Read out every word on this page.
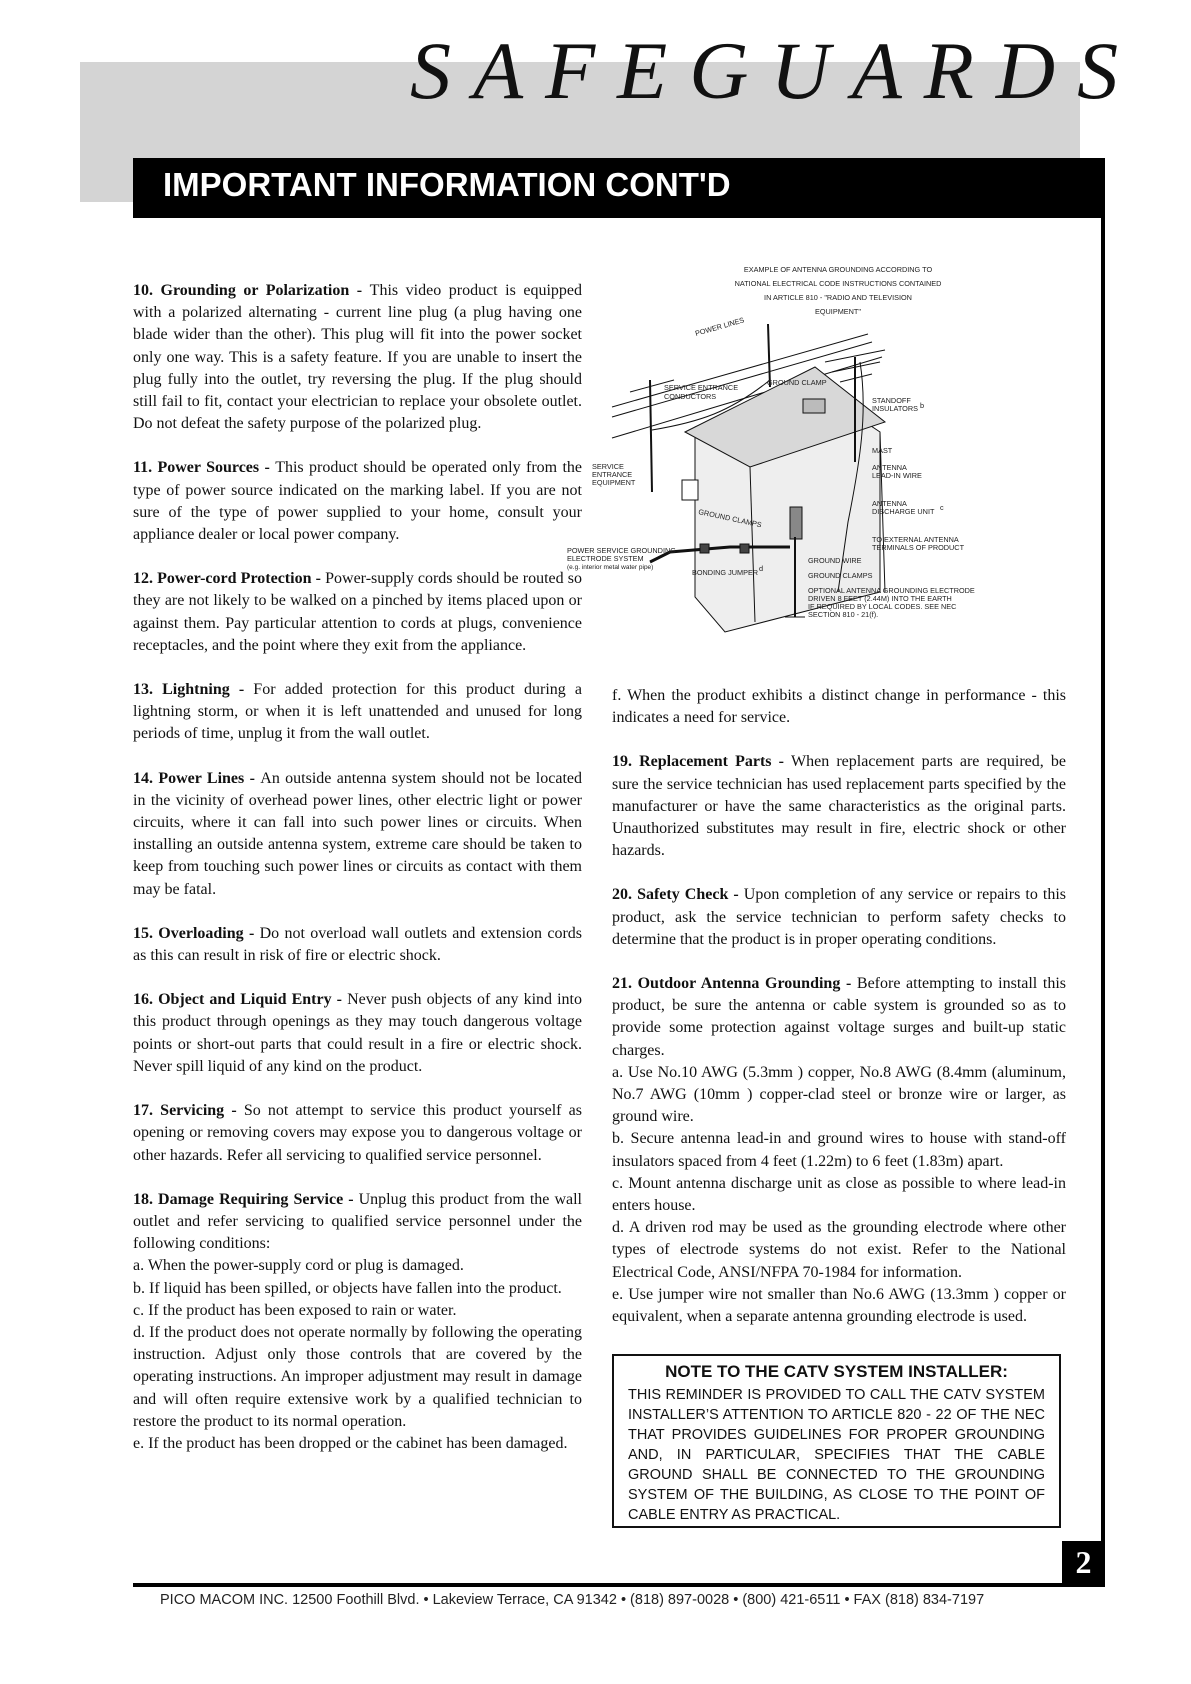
SAFEGUARDS
IMPORTANT INFORMATION CONT'D

10. Grounding or Polarization - This video product is equipped with a polarized alternating - current line plug (a plug having one blade wider than the other). This plug will fit into the power socket only one way. This is a safety feature. If you are unable to insert the plug fully into the outlet, try reversing the plug. If the plug should still fail to fit, contact your electrician to replace your obsolete outlet. Do not defeat the safety purpose of the polarized plug.

11. Power Sources - This product should be operated only from the type of power source indicated on the marking label. If you are not sure of the type of power supplied to your home, consult your appliance dealer or local power company.

12. Power-cord Protection - Power-supply cords should be routed so they are not likely to be walked on a pinched by items placed upon or against them. Pay particular attention to cords at plugs, convenience receptacles, and the point where they exit from the appliance.

13. Lightning - For added protection for this product during a lightning storm, or when it is left unattended and unused for long periods of time, unplug it from the wall outlet.

14. Power Lines - An outside antenna system should not be located in the vicinity of overhead power lines, other electric light or power circuits, where it can fall into such power lines or circuits. When installing an outside antenna system, extreme care should be taken to keep from touching such power lines or circuits as contact with them may be fatal.

15. Overloading - Do not overload wall outlets and extension cords as this can result in risk of fire or electric shock.

16. Object and Liquid Entry - Never push objects of any kind into this product through openings as they may touch dangerous voltage points or short-out parts that could result in a fire or electric shock. Never spill liquid of any kind on the product.

17. Servicing - So not attempt to service this product yourself as opening or removing covers may expose you to dangerous voltage or other hazards. Refer all servicing to qualified service personnel.

18. Damage Requiring Service - Unplug this product from the wall outlet and refer servicing to qualified service personnel under the following conditions:

a. When the power-supply cord or plug is damaged.

b. If liquid has been spilled, or objects have fallen into the product.

c. If the product has been exposed to rain or water.

d. If the product does not operate normally by following the operating instruction. Adjust only those controls that are covered by the operating instructions. An improper adjustment may result in damage and will often require extensive work by a qualified technician to restore the product to its normal operation.

e. If the product has been dropped or the cabinet has been damaged.

EXAMPLE OF ANTENNA GROUNDING ACCORDING TO
NATIONAL ELECTRICAL CODE INSTRUCTIONS CONTAINED
IN ARTICLE 810 - "RADIO AND TELEVISION
EQUIPMENT"
POWER LINES
SERVICE ENTRANCE
CONDUCTORS
GROUND CLAMP
STANDOFF
INSULATORS b
MAST
ANTENNA
LEAD-IN WIRE
SERVICE
ENTRANCE
EQUIPMENT
GROUND CLAMPS
ANTENNA
DISCHARGE UNIT c
TO EXTERNAL ANTENNA
TERMINALS OF PRODUCT
POWER SERVICE GROUNDING
ELECTRODE SYSTEM
(e.g. interior metal water pipe)
GROUND WIRE
BONDING JUMPER d
GROUND CLAMPS
OPTIONAL ANTENNA GROUNDING ELECTRODE
DRIVEN 8 FEET (2.44M) INTO THE EARTH
IF REQUIRED BY LOCAL CODES. SEE NEC
SECTION 810 - 21(f).

f. When the product exhibits a distinct change in performance - this indicates a need for service.

19. Replacement Parts - When replacement parts are required, be sure the service technician has used replacement parts specified by the manufacturer or have the same characteristics as the original parts. Unauthorized substitutes may result in fire, electric shock or other hazards.

20. Safety Check - Upon completion of any service or repairs to this product, ask the service technician to perform safety checks to determine that the product is in proper operating conditions.

21. Outdoor Antenna Grounding - Before attempting to install this product, be sure the antenna or cable system is grounded so as to provide some protection against voltage surges and built-up static charges.

a. Use No.10 AWG (5.3mm ) copper, No.8 AWG (8.4mm (aluminum, No.7 AWG (10mm ) copper-clad steel or bronze wire or larger, as ground wire.

b. Secure antenna lead-in and ground wires to house with stand-off insulators spaced from 4 feet (1.22m) to 6 feet (1.83m) apart.

c. Mount antenna discharge unit as close as possible to where lead-in enters house.

d. A driven rod may be used as the grounding electrode where other types of electrode systems do not exist. Refer to the National Electrical Code, ANSI/NFPA 70-1984 for information.

e. Use jumper wire not smaller than No.6 AWG (13.3mm ) copper or equivalent, when a separate antenna grounding electrode is used.

NOTE TO THE CATV SYSTEM INSTALLER:

THIS REMINDER IS PROVIDED TO CALL THE CATV SYSTEM INSTALLER’S ATTENTION TO ARTICLE 820 - 22 OF THE NEC THAT PROVIDES GUIDELINES FOR PROPER GROUNDING AND, IN PARTICULAR, SPECIFIES THAT THE CABLE GROUND SHALL BE CONNECTED TO THE GROUNDING SYSTEM OF THE BUILDING, AS CLOSE TO THE POINT OF CABLE ENTRY AS PRACTICAL.

2
PICO MACOM INC. 12500 Foothill Blvd. • Lakeview Terrace, CA 91342 • (818) 897-0028 • (800) 421-6511 • FAX (818) 834-7197
